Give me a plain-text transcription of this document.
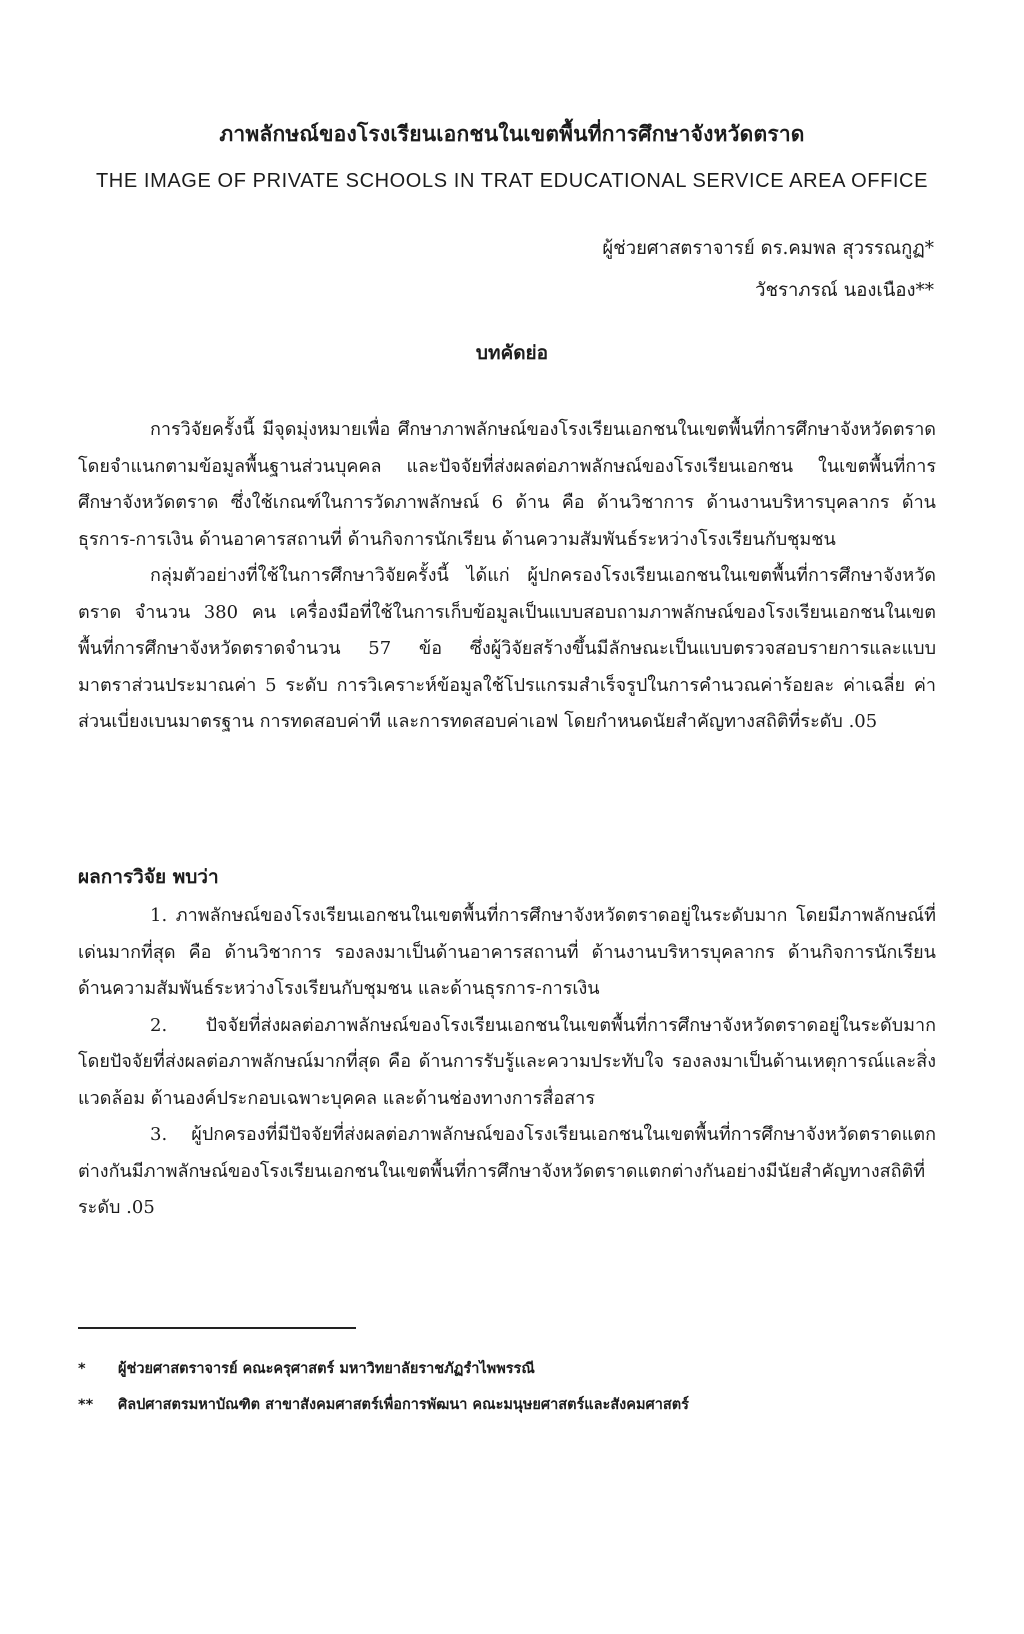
ภาพลักษณ์ของโรงเรียนเอกชนในเขตพื้นที่การศึกษาจังหวัดตราด
THE IMAGE OF PRIVATE SCHOOLS IN TRAT EDUCATIONAL SERVICE AREA OFFICE
ผู้ช่วยศาสตราจารย์ ดร.คมพล สุวรรณกูฏ*
วัชราภรณ์ นองเนือง**
บทคัดย่อ

การวิจัยครั้งนี้ มีจุดมุ่งหมายเพื่อ ศึกษาภาพลักษณ์ของโรงเรียนเอกชนในเขตพื้นที่การศึกษาจังหวัดตราด โดยจำแนกตามข้อมูลพื้นฐานส่วนบุคคล และปัจจัยที่ส่งผลต่อภาพลักษณ์ของโรงเรียนเอกชน ในเขตพื้นที่การศึกษาจังหวัดตราด ซึ่งใช้เกณฑ์ในการวัดภาพลักษณ์ 6 ด้าน คือ ด้านวิชาการ ด้านงานบริหารบุคลากร ด้านธุรการ-การเงิน ด้านอาคารสถานที่ ด้านกิจการนักเรียน ด้านความสัมพันธ์ระหว่างโรงเรียนกับชุมชน

กลุ่มตัวอย่างที่ใช้ในการศึกษาวิจัยครั้งนี้ ได้แก่ ผู้ปกครองโรงเรียนเอกชนในเขตพื้นที่การศึกษาจังหวัดตราด จำนวน 380 คน เครื่องมือที่ใช้ในการเก็บข้อมูลเป็นแบบสอบถามภาพลักษณ์ของโรงเรียนเอกชนในเขตพื้นที่การศึกษาจังหวัดตราดจำนวน 57 ข้อ ซึ่งผู้วิจัยสร้างขึ้นมีลักษณะเป็นแบบตรวจสอบรายการและแบบมาตราส่วนประมาณค่า 5 ระดับ การวิเคราะห์ข้อมูลใช้โปรแกรมสำเร็จรูปในการคำนวณค่าร้อยละ ค่าเฉลี่ย ค่าส่วนเบี่ยงเบนมาตรฐาน การทดสอบค่าที และการทดสอบค่าเอฟ โดยกำหนดนัยสำคัญทางสถิติที่ระดับ .05

ผลการวิจัย พบว่า

1. ภาพลักษณ์ของโรงเรียนเอกชนในเขตพื้นที่การศึกษาจังหวัดตราดอยู่ในระดับมาก โดยมีภาพลักษณ์ที่เด่นมากที่สุด คือ ด้านวิชาการ รองลงมาเป็นด้านอาคารสถานที่ ด้านงานบริหารบุคลากร ด้านกิจการนักเรียน ด้านความสัมพันธ์ระหว่างโรงเรียนกับชุมชน และด้านธุรการ-การเงิน

2. ปัจจัยที่ส่งผลต่อภาพลักษณ์ของโรงเรียนเอกชนในเขตพื้นที่การศึกษาจังหวัดตราดอยู่ในระดับมาก โดยปัจจัยที่ส่งผลต่อภาพลักษณ์มากที่สุด คือ ด้านการรับรู้และความประทับใจ รองลงมาเป็นด้านเหตุการณ์และสิ่งแวดล้อม ด้านองค์ประกอบเฉพาะบุคคล และด้านช่องทางการสื่อสาร

3. ผู้ปกครองที่มีปัจจัยที่ส่งผลต่อภาพลักษณ์ของโรงเรียนเอกชนในเขตพื้นที่การศึกษาจังหวัดตราดแตกต่างกันมีภาพลักษณ์ของโรงเรียนเอกชนในเขตพื้นที่การศึกษาจังหวัดตราดแตกต่างกันอย่างมีนัยสำคัญทางสถิติที่ระดับ .05

*	ผู้ช่วยศาสตราจารย์ คณะครุศาสตร์ มหาวิทยาลัยราชภัฏรำไพพรรณี
**	ศิลปศาสตรมหาบัณฑิต สาขาสังคมศาสตร์เพื่อการพัฒนา คณะมนุษยศาสตร์และสังคมศาสตร์
